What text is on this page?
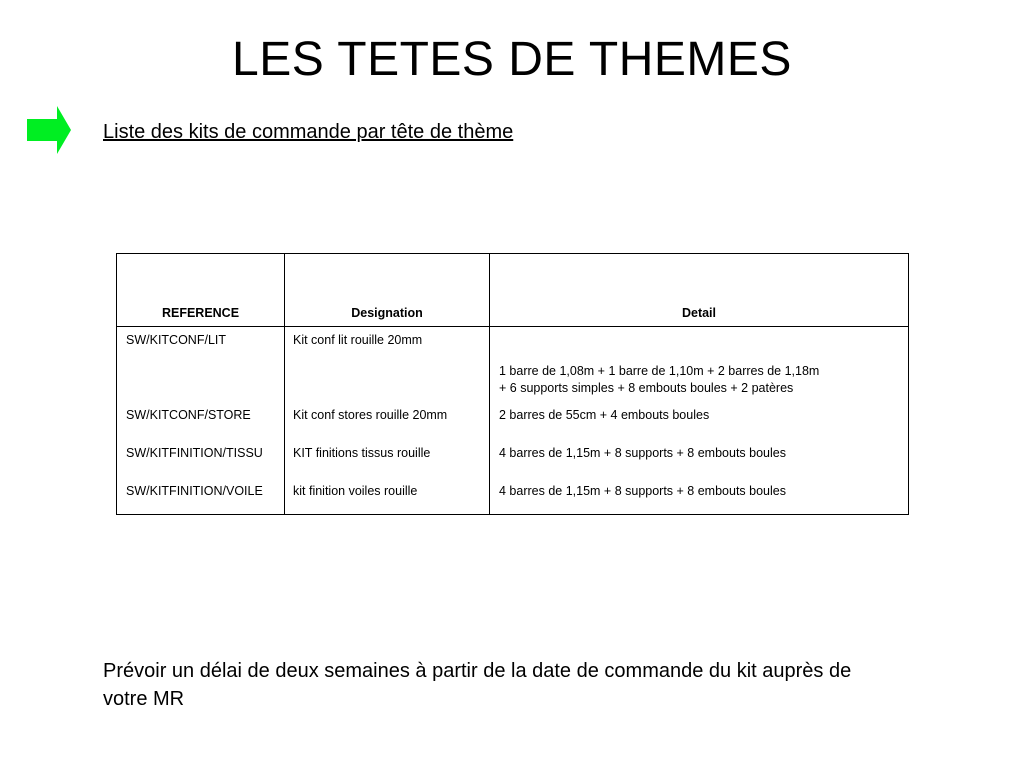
LES TETES DE THEMES
Liste des kits de commande par tête de thème
REFERENCE	Designation	Detail
SW/KITCONF/LIT
SW/KITCONF/STORE
SW/KITFINITION/TISSU
SW/KITFINITION/VOILE
Kit conf lit rouille 20mm
Kit conf stores rouille 20mm
KIT finitions tissus rouille
kit finition voiles rouille
1 barre de 1,08m + 1 barre de 1,10m + 2 barres de 1,18m
+ 6 supports simples + 8 embouts boules + 2 patères
2 barres de 55cm + 4 embouts boules
4 barres de 1,15m + 8 supports + 8 embouts boules
4 barres de 1,15m + 8 supports + 8 embouts boules
Prévoir un délai de deux semaines à partir de la date de commande du kit auprès de votre MR
